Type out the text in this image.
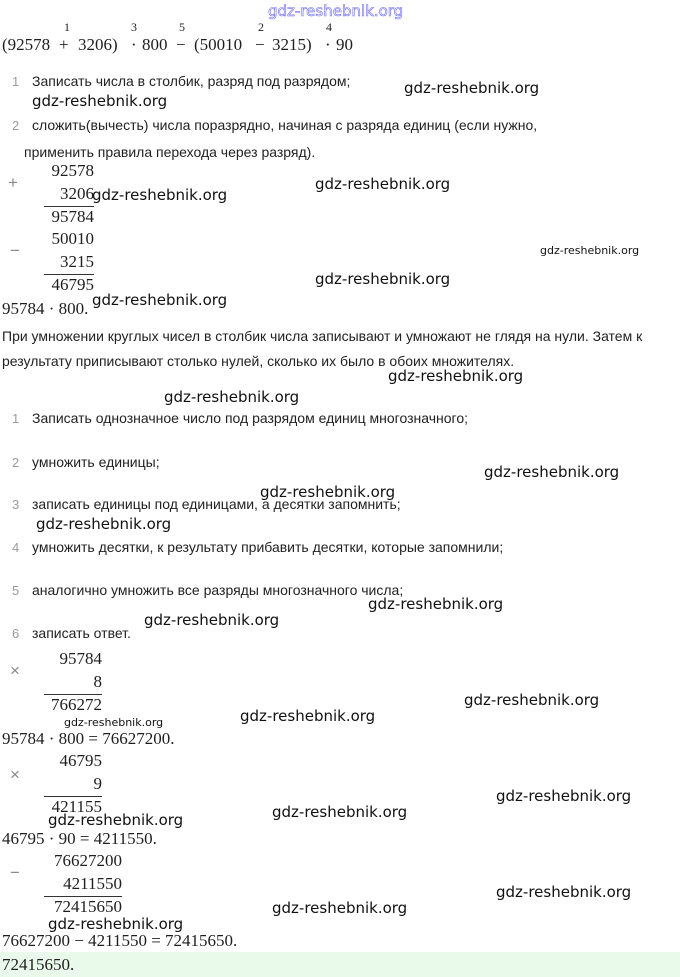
gdz-reshebnik.org
(92578 + 3206) · 800 − (50010 − 3215) · 90
1	3	5	2	4
gdz-reshebnik.org
1 Записать числа в столбик, разряд под разрядом;
gdz-reshebnik.org
2 сложить(вычесть) числа поразрядно, начиная с разряда единиц (если нужно,
применить правила перехода через разряд).
+
92578
3206
95784
gdz-reshebnik.org
gdz-reshebnik.org
−
50010
3215
46795
gdz-reshebnik.org
gdz-reshebnik.org
95784 · 800. gdz-reshebnik.org
При умножении круглых чисел в столбик числа записывают и умножают не глядя на нули. Затем к результату приписывают столько нулей, сколько их было в обоих множителях.
gdz-reshebnik.org
gdz-reshebnik.org
1 Записать однозначное число под разрядом единиц многозначного;
2 умножить единицы;
3 записать единицы под единицами, а десятки запомнить;
4 умножить десятки, к результату прибавить десятки, которые запомнили;
5 аналогично умножить все разряды многозначного числа;
6 записать ответ.
gdz-reshebnik.org
gdz-reshebnik.org
gdz-reshebnik.org
gdz-reshebnik.org
gdz-reshebnik.org
×
95784
8
766272	gdz-reshebnik.org
gdz-reshebnik.org
gdz-reshebnik.org
95784 · 800 = 76627200.
×
46795
9
421155
gdz-reshebnik.org
gdz-reshebnik.org
gdz-reshebnik.org
46795 · 90 = 4211550.
−
76627200
4211550
72415650
gdz-reshebnik.org
gdz-reshebnik.org
gdz-reshebnik.org
76627200 − 4211550 = 72415650.
72415650.
